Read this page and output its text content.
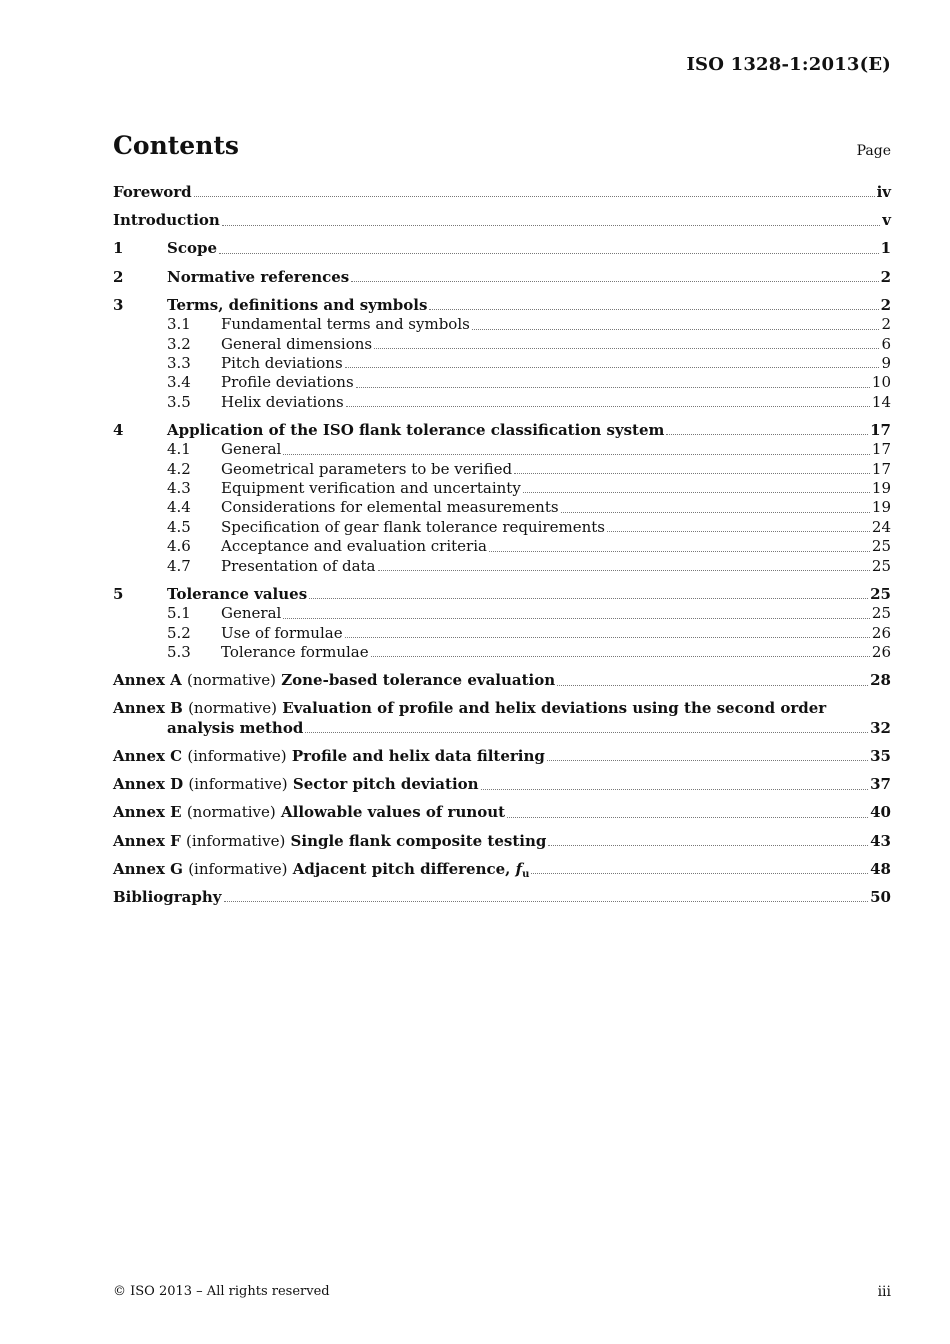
ISO 1328-1:2013(E)
Contents	Page
Foreword	iv
Introduction	v
1	Scope	1
2	Normative references	2
3	Terms, definitions and symbols	2
3.1	Fundamental terms and symbols	2
3.2	General dimensions	6
3.3	Pitch deviations	9
3.4	Profile deviations	10
3.5	Helix deviations	14
4	Application of the ISO flank tolerance classification system	17
4.1	General	17
4.2	Geometrical parameters to be verified	17
4.3	Equipment verification and uncertainty	19
4.4	Considerations for elemental measurements	19
4.5	Specification of gear flank tolerance requirements	24
4.6	Acceptance and evaluation criteria	25
4.7	Presentation of data	25
5	Tolerance values	25
5.1	General	25
5.2	Use of formulae	26
5.3	Tolerance formulae	26
Annex A (normative) Zone-based tolerance evaluation	28
Annex B (normative) Evaluation of profile and helix deviations using the second order
analysis method	32
Annex C (informative) Profile and helix data filtering	35
Annex D (informative) Sector pitch deviation	37
Annex E (normative) Allowable values of runout	40
Annex F (informative) Single flank composite testing	43
Annex G (informative) Adjacent pitch difference, $f_u$	48
Bibliography	50
© ISO 2013 – All rights reserved	iii
